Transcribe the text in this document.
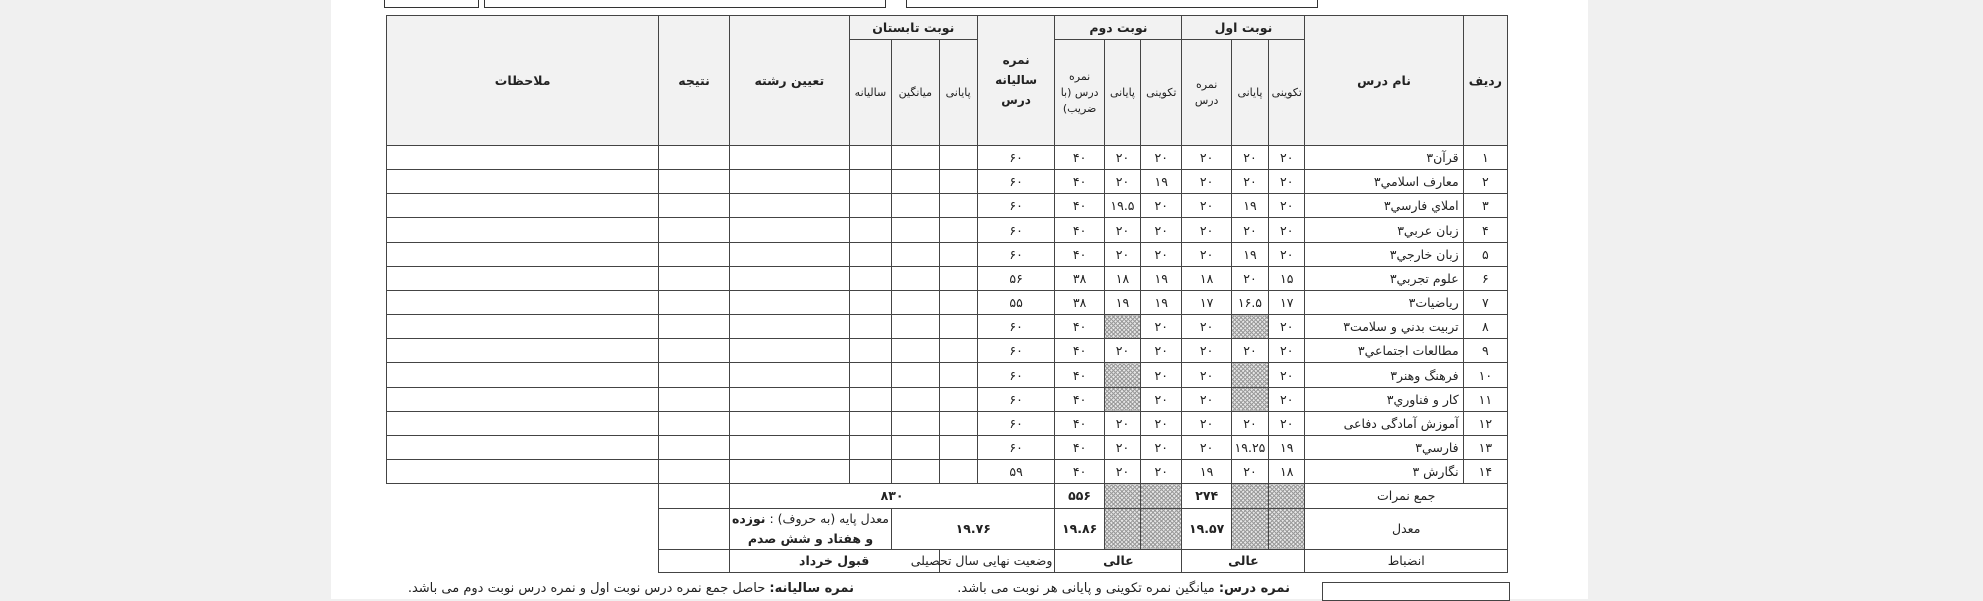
ردیف	نام درس	نوبت اول			نوبت دوم			نمره سالیانه درس	نوبت تابستان			تعیین رشته	نتیجه	ملاحظات
		تکوینی	پایانی	نمره درس	تکوینی	پایانی	نمره درس (با ضریب)		پایانی	میانگین	سالیانه			
۱	قرآن۳	۲۰	۲۰	۲۰	۲۰	۲۰	۴۰	۶۰						
۲	معارف اسلامي۳	۲۰	۲۰	۲۰	۱۹	۲۰	۴۰	۶۰						
۳	املاي فارسي۳	۲۰	۱۹	۲۰	۲۰	۱۹.۵	۴۰	۶۰						
۴	زبان عربي۳	۲۰	۲۰	۲۰	۲۰	۲۰	۴۰	۶۰						
۵	زبان خارجي۳	۲۰	۱۹	۲۰	۲۰	۲۰	۴۰	۶۰						
۶	علوم تجربي۳	۱۵	۲۰	۱۸	۱۹	۱۸	۳۸	۵۶						
۷	رياضيات۳	۱۷	۱۶.۵	۱۷	۱۹	۱۹	۳۸	۵۵						
۸	تربيت بدني و سلامت۳	۲۰		۲۰	۲۰		۴۰	۶۰						
۹	مطالعات اجتماعي۳	۲۰	۲۰	۲۰	۲۰	۲۰	۴۰	۶۰						
۱۰	فرهنگ وهنر۳	۲۰		۲۰	۲۰		۴۰	۶۰						
۱۱	كار و فناوري۳	۲۰		۲۰	۲۰		۴۰	۶۰						
۱۲	آموزش آمادگی دفاعی	۲۰	۲۰	۲۰	۲۰	۲۰	۴۰	۶۰						
۱۳	فارسي۳	۱۹	۱۹.۲۵	۲۰	۲۰	۲۰	۴۰	۶۰						
۱۴	نگارش ۳	۱۸	۲۰	۱۹	۲۰	۲۰	۴۰	۵۹						
جمع نمرات				۲۷۴			۵۵۶	۸۳۰						
معدل				۱۹.۵۷			۱۹.۸۶	۱۹.۷۶			معدل پایه (به حروف) : نوزده و هفتاد و شش صدم			
انضباط		عالی			عالی			وضعیت نهایی سال تحصیلی		قبول خرداد				
نمره درس: میانگین نمره تکوینی و پایانی هر نوبت می باشد.
نمره سالیانه: حاصل جمع نمره درس نوبت اول و نمره درس نوبت دوم می باشد.
